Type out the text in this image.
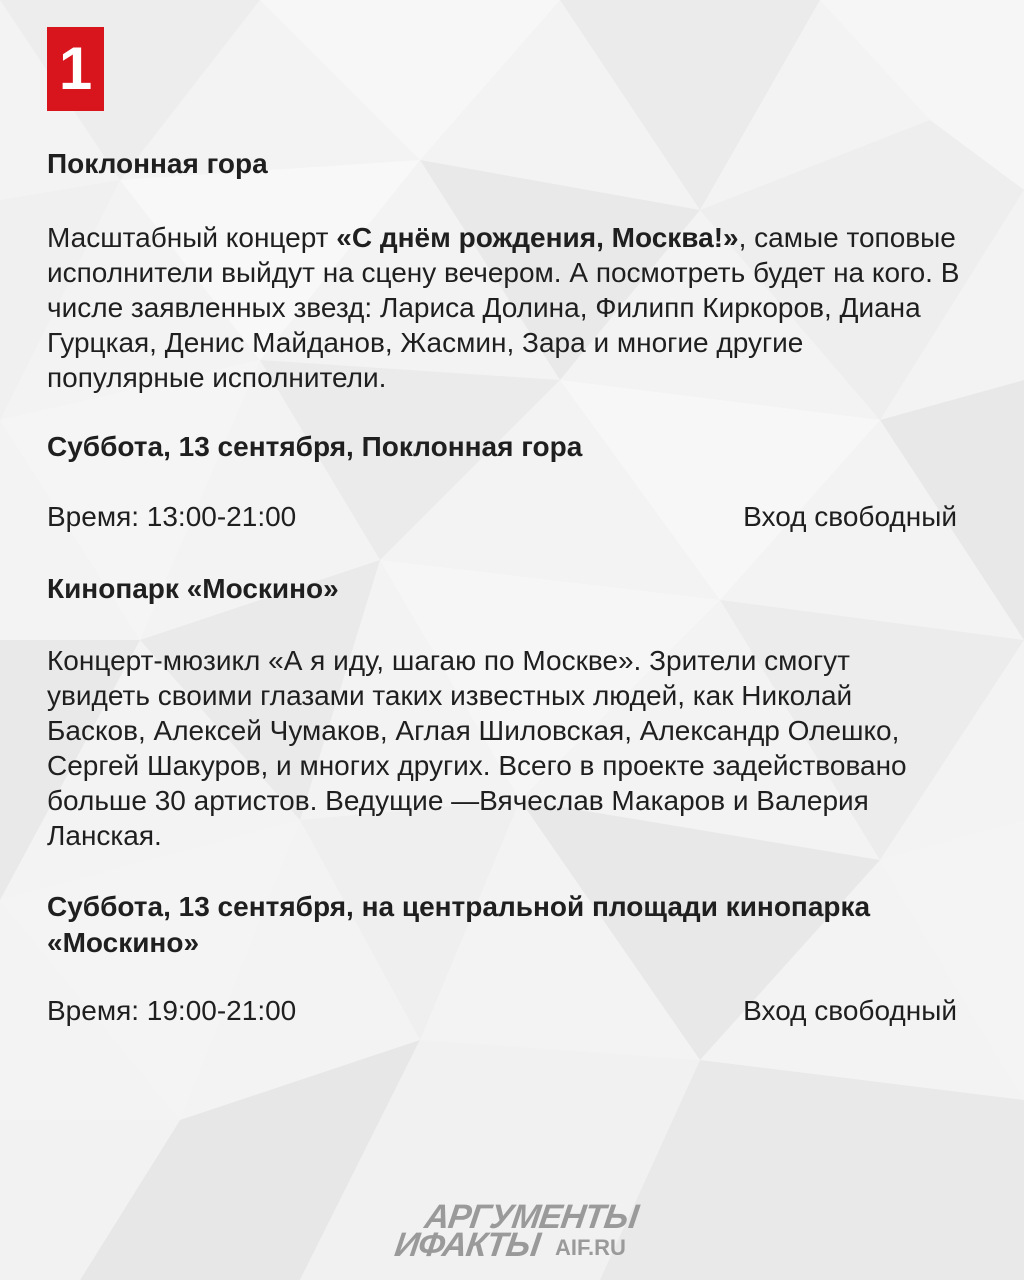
1

Поклонная гора

Масштабный концерт «С днём рождения, Москва!», самые топовые исполнители выйдут на сцену вечером. А посмотреть будет на кого. В числе заявленных звезд: Лариса Долина, Филипп Киркоров, Диана Гурцкая, Денис Майданов, Жасмин, Зара и многие другие популярные исполнители.

Суббота, 13 сентября, Поклонная гора

Время: 13:00-21:00	Вход свободный

Кинопарк «Москино»

Концерт-мюзикл «А я иду, шагаю по Москве». Зрители смогут увидеть своими глазами таких известных людей, как Николай Басков, Алексей Чумаков, Аглая Шиловская, Александр Олешко, Сергей Шакуров, и многих других. Всего в проекте задействовано больше 30 артистов. Ведущие —Вячеслав Макаров и Валерия Ланская.

Суббота, 13 сентября, на центральной площади кинопарка «Москино»

Время: 19:00-21:00	Вход свободный
АРГУМЕНТЫ
ИФАКТЫ AIF.RU
